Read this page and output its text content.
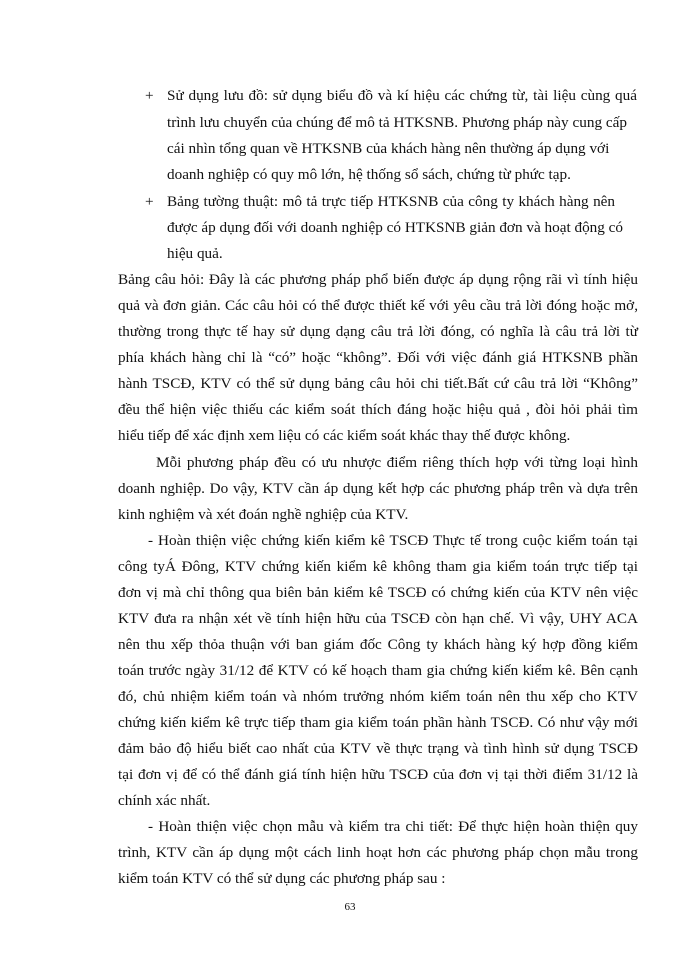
+ Sử dụng lưu đồ: sử dụng biểu đồ và kí hiệu các chứng từ, tài liệu cùng quá
trình lưu chuyển của chúng để mô tả HTKSNB. Phương pháp này cung cấp
cái nhìn tổng quan về HTKSNB của khách hàng nên thường áp dụng với
doanh nghiệp có quy mô lớn, hệ thống sổ sách, chứng từ phức tạp.
+ Bảng tường thuật: mô tả trực tiếp HTKSNB của công ty khách hàng nên
được áp dụng đối với doanh nghiệp có HTKSNB giản đơn và hoạt động có
hiệu quả.
Bảng câu hỏi: Đây là các phương pháp phổ biến được áp dụng rộng rãi vì tính hiệu
quả và đơn giản. Các câu hỏi có thể được thiết kế với yêu cầu trả lời đóng hoặc mở,
thường trong thực tế hay sử dụng dạng câu trả lời đóng, có nghĩa là câu trả lời từ
phía khách hàng chỉ là “có” hoặc “không”. Đối với việc đánh giá HTKSNB phần
hành TSCĐ, KTV có thể sử dụng bảng câu hỏi chi tiết.Bất cứ câu trả lời “Không”
đều thể hiện việc thiếu các kiểm soát thích đáng hoặc hiệu quả , đòi hỏi phải tìm
hiểu tiếp để xác định xem liệu có các kiểm soát khác thay thế được không.
Mỗi phương pháp đều có ưu nhược điểm riêng thích hợp với từng loại hình
doanh nghiệp. Do vậy, KTV cần áp dụng kết hợp các phương pháp trên và dựa trên
kinh nghiệm và xét đoán nghề nghiệp của KTV.
- Hoàn thiện việc chứng kiến kiểm kê TSCĐ Thực tế trong cuộc kiểm toán tại
công tyÁ Đông, KTV chứng kiến kiểm kê không tham gia kiểm toán trực tiếp tại
đơn vị mà chỉ thông qua biên bản kiểm kê TSCĐ có chứng kiến của KTV nên việc
KTV đưa ra nhận xét về tính hiện hữu của TSCĐ còn hạn chế. Vì vậy, UHY ACA
nên thu xếp thỏa thuận với ban giám đốc Công ty khách hàng ký hợp đồng kiểm
toán trước ngày 31/12 để KTV có kế hoạch tham gia chứng kiến kiểm kê. Bên cạnh
đó, chủ nhiệm kiểm toán và nhóm trưởng nhóm kiểm toán nên thu xếp cho KTV
chứng kiến kiểm kê trực tiếp tham gia kiểm toán phần hành TSCĐ. Có như vậy mới
đảm bảo độ hiểu biết cao nhất của KTV về thực trạng và tình hình sử dụng TSCĐ
tại đơn vị để có thể đánh giá tính hiện hữu TSCĐ của đơn vị tại thời điểm 31/12 là
chính xác nhất.
- Hoàn thiện việc chọn mẫu và kiểm tra chi tiết: Để thực hiện hoàn thiện quy
trình, KTV cần áp dụng một cách linh hoạt hơn các phương pháp chọn mẫu trong
kiểm toán KTV có thể sử dụng các phương pháp sau :
63
